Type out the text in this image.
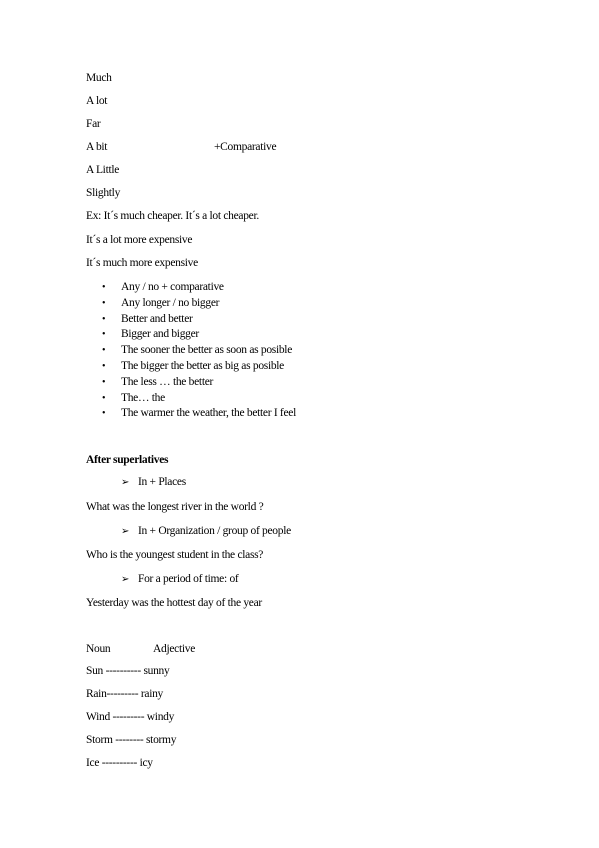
Much
A lot
Far
A bit	+Comparative
A Little
Slightly
Ex: It´s much cheaper. It´s a lot cheaper.
It´s a lot more expensive
It´s much more expensive
• Any / no + comparative
• Any longer / no bigger
• Better and better
• Bigger and bigger
• The sooner the better as soon as posible
• The bigger the better as big as posible
• The less … the better
• The… the
• The warmer the weather, the better I feel
After superlatives
➢ In + Places
What was the longest river in the world ?
➢ In + Organization / group of people
Who is the youngest student in the class?
➢ For a period of time: of
Yesterday was the hottest day of the year
Noun	Adjective
Sun ---------- sunny
Rain--------- rainy
Wind --------- windy
Storm -------- stormy
Ice ---------- icy
